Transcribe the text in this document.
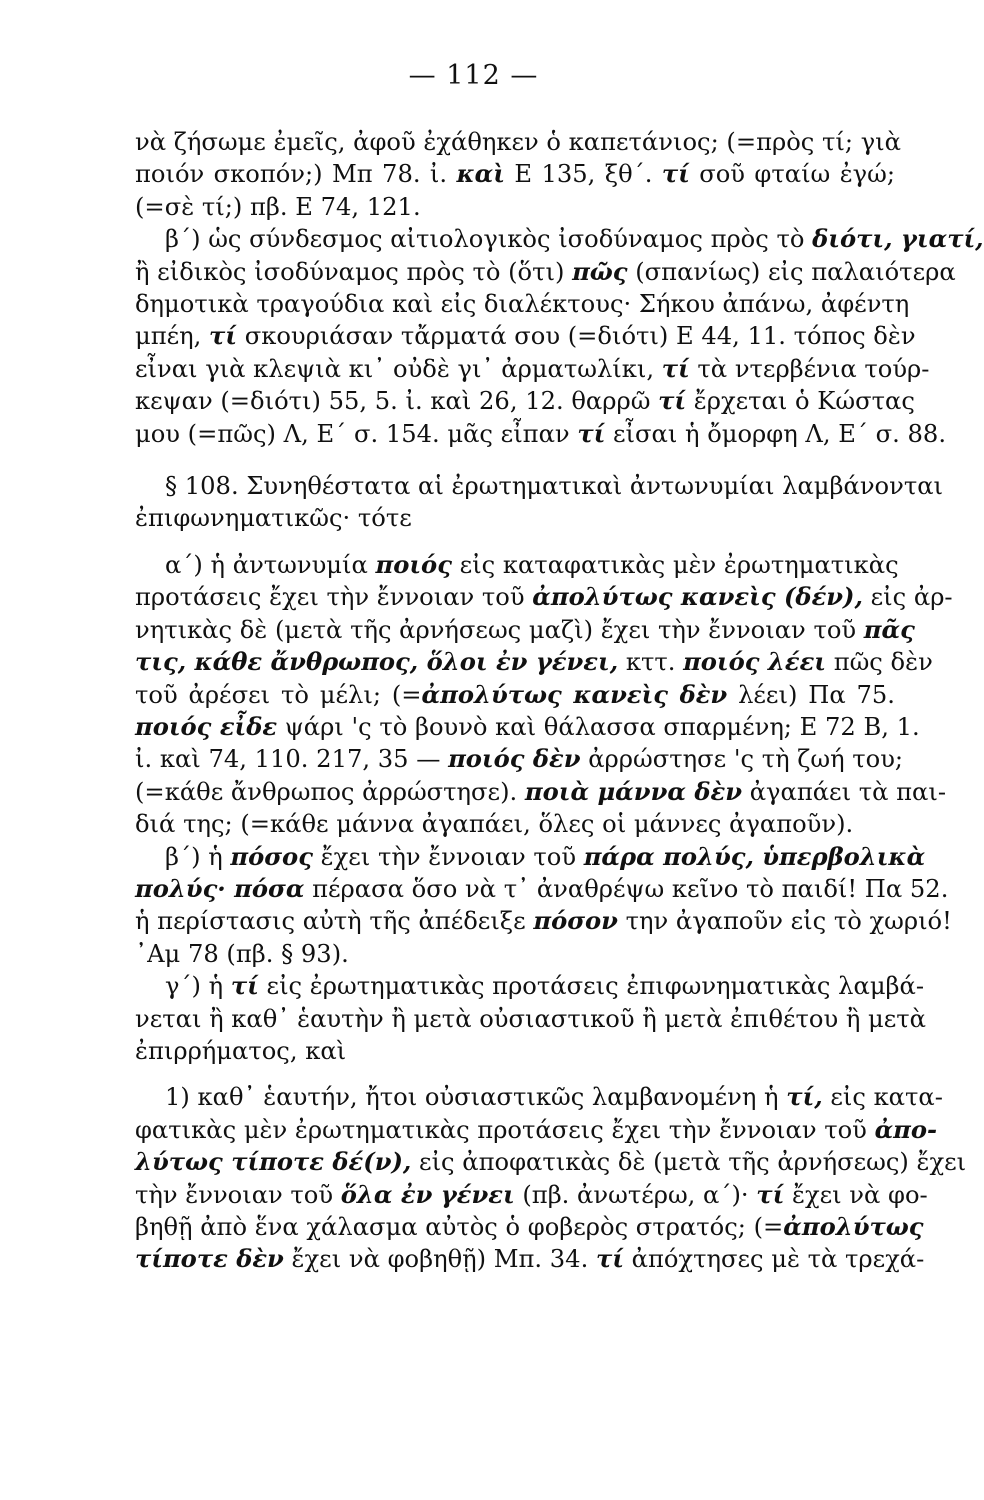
— 112 —
νὰ ζήσωμε ἐμεῖς, ἀφοῦ ἐχάθηκεν ὁ καπετάνιος; (=πρὸς τί; γιὰ
ποιόν σκοπόν;) Μπ 78. ἰ. καὶ Ε 135, ξθ΄. τί σοῦ φταίω ἐγώ;
(=σὲ τί;) πβ. Ε 74, 121.
β΄) ὡς σύνδεσμος αἰτιολογικὸς ἰσοδύναμος πρὸς τὸ διότι, γιατί,
ἢ εἰδικὸς ἰσοδύναμος πρὸς τὸ (ὅτι) πῶς (σπανίως) εἰς παλαιότερα
δημοτικὰ τραγούδια καὶ εἰς διαλέκτους· Σήκου ἀπάνω, ἀφέντη
μπέη, τί σκουριάσαν τἄρματά σου (=διότι) Ε 44, 11. τόπος δὲν
εἶναι γιὰ κλεψιὰ κι᾿ οὐδὲ γι᾿ ἀρματωλίκι, τί τὰ ντερβένια τούρ-
κεψαν (=διότι) 55, 5. ἰ. καὶ 26, 12. θαρρῶ τί ἔρχεται ὁ Κώστας
μου (=πῶς) Λ, Ε΄ σ. 154. μᾶς εἶπαν τί εἶσαι ἡ ὄμορφη Λ, Ε΄ σ. 88.
§ 108. Συνηθέστατα αἱ ἐρωτηματικαὶ ἀντωνυμίαι λαμβάνονται
ἐπιφωνηματικῶς· τότε
α΄) ἡ ἀντωνυμία ποιός εἰς καταφατικὰς μὲν ἐρωτηματικὰς
προτάσεις ἔχει τὴν ἔννοιαν τοῦ ἀπολύτως κανεὶς (δέν), εἰς ἀρ-
νητικὰς δὲ (μετὰ τῆς ἀρνήσεως μαζὶ) ἔχει τὴν ἔννοιαν τοῦ πᾶς
τις, κάθε ἄνθρωπος, ὅλοι ἐν γένει, κττ. ποιός λέει πῶς δὲν
τοῦ ἀρέσει τὸ μέλι; (=ἀπολύτως κανεὶς δὲν λέει) Πα 75.
ποιός εἶδε ψάρι 'ς τὸ βουνὸ καὶ θάλασσα σπαρμένη; Ε 72 Β, 1.
ἰ. καὶ 74, 110. 217, 35 — ποιός δὲν ἀρρώστησε 'ς τὴ ζωή του;
(=κάθε ἄνθρωπος ἀρρώστησε). ποιὰ μάννα δὲν ἀγαπάει τὰ παι-
διά της; (=κάθε μάννα ἀγαπάει, ὅλες οἱ μάννες ἀγαποῦν).
β΄) ἡ πόσος ἔχει τὴν ἔννοιαν τοῦ πάρα πολύς, ὑπερβολικὰ
πολύς· πόσα πέρασα ὅσο νὰ τ᾿ ἀναθρέψω κεῖνο τὸ παιδί! Πα 52.
ἡ περίστασις αὐτὴ τῆς ἀπέδειξε πόσον την ἀγαποῦν εἰς τὸ χωριό!
᾿Αμ 78 (πβ. § 93).
γ΄) ἡ τί εἰς ἐρωτηματικὰς προτάσεις ἐπιφωνηματικὰς λαμβά-
νεται ἢ καθ᾿ ἑαυτὴν ἢ μετὰ οὐσιαστικοῦ ἢ μετὰ ἐπιθέτου ἢ μετὰ
ἐπιρρήματος, καὶ
1) καθ᾿ ἑαυτήν, ἤτοι οὐσιαστικῶς λαμβανομένη ἡ τί, εἰς κατα-
φατικὰς μὲν ἐρωτηματικὰς προτάσεις ἔχει τὴν ἔννοιαν τοῦ ἀπο-
λύτως τίποτε δέ(ν), εἰς ἀποφατικὰς δὲ (μετὰ τῆς ἀρνήσεως) ἔχει
τὴν ἔννοιαν τοῦ ὅλα ἐν γένει (πβ. ἀνωτέρω, α΄)· τί ἔχει νὰ φο-
βηθῇ ἀπὸ ἕνα χάλασμα αὐτὸς ὁ φοβερὸς στρατός; (=ἀπολύτως
τίποτε δὲν ἔχει νὰ φοβηθῇ) Μπ. 34. τί ἀπόχτησες μὲ τὰ τρεχά-
